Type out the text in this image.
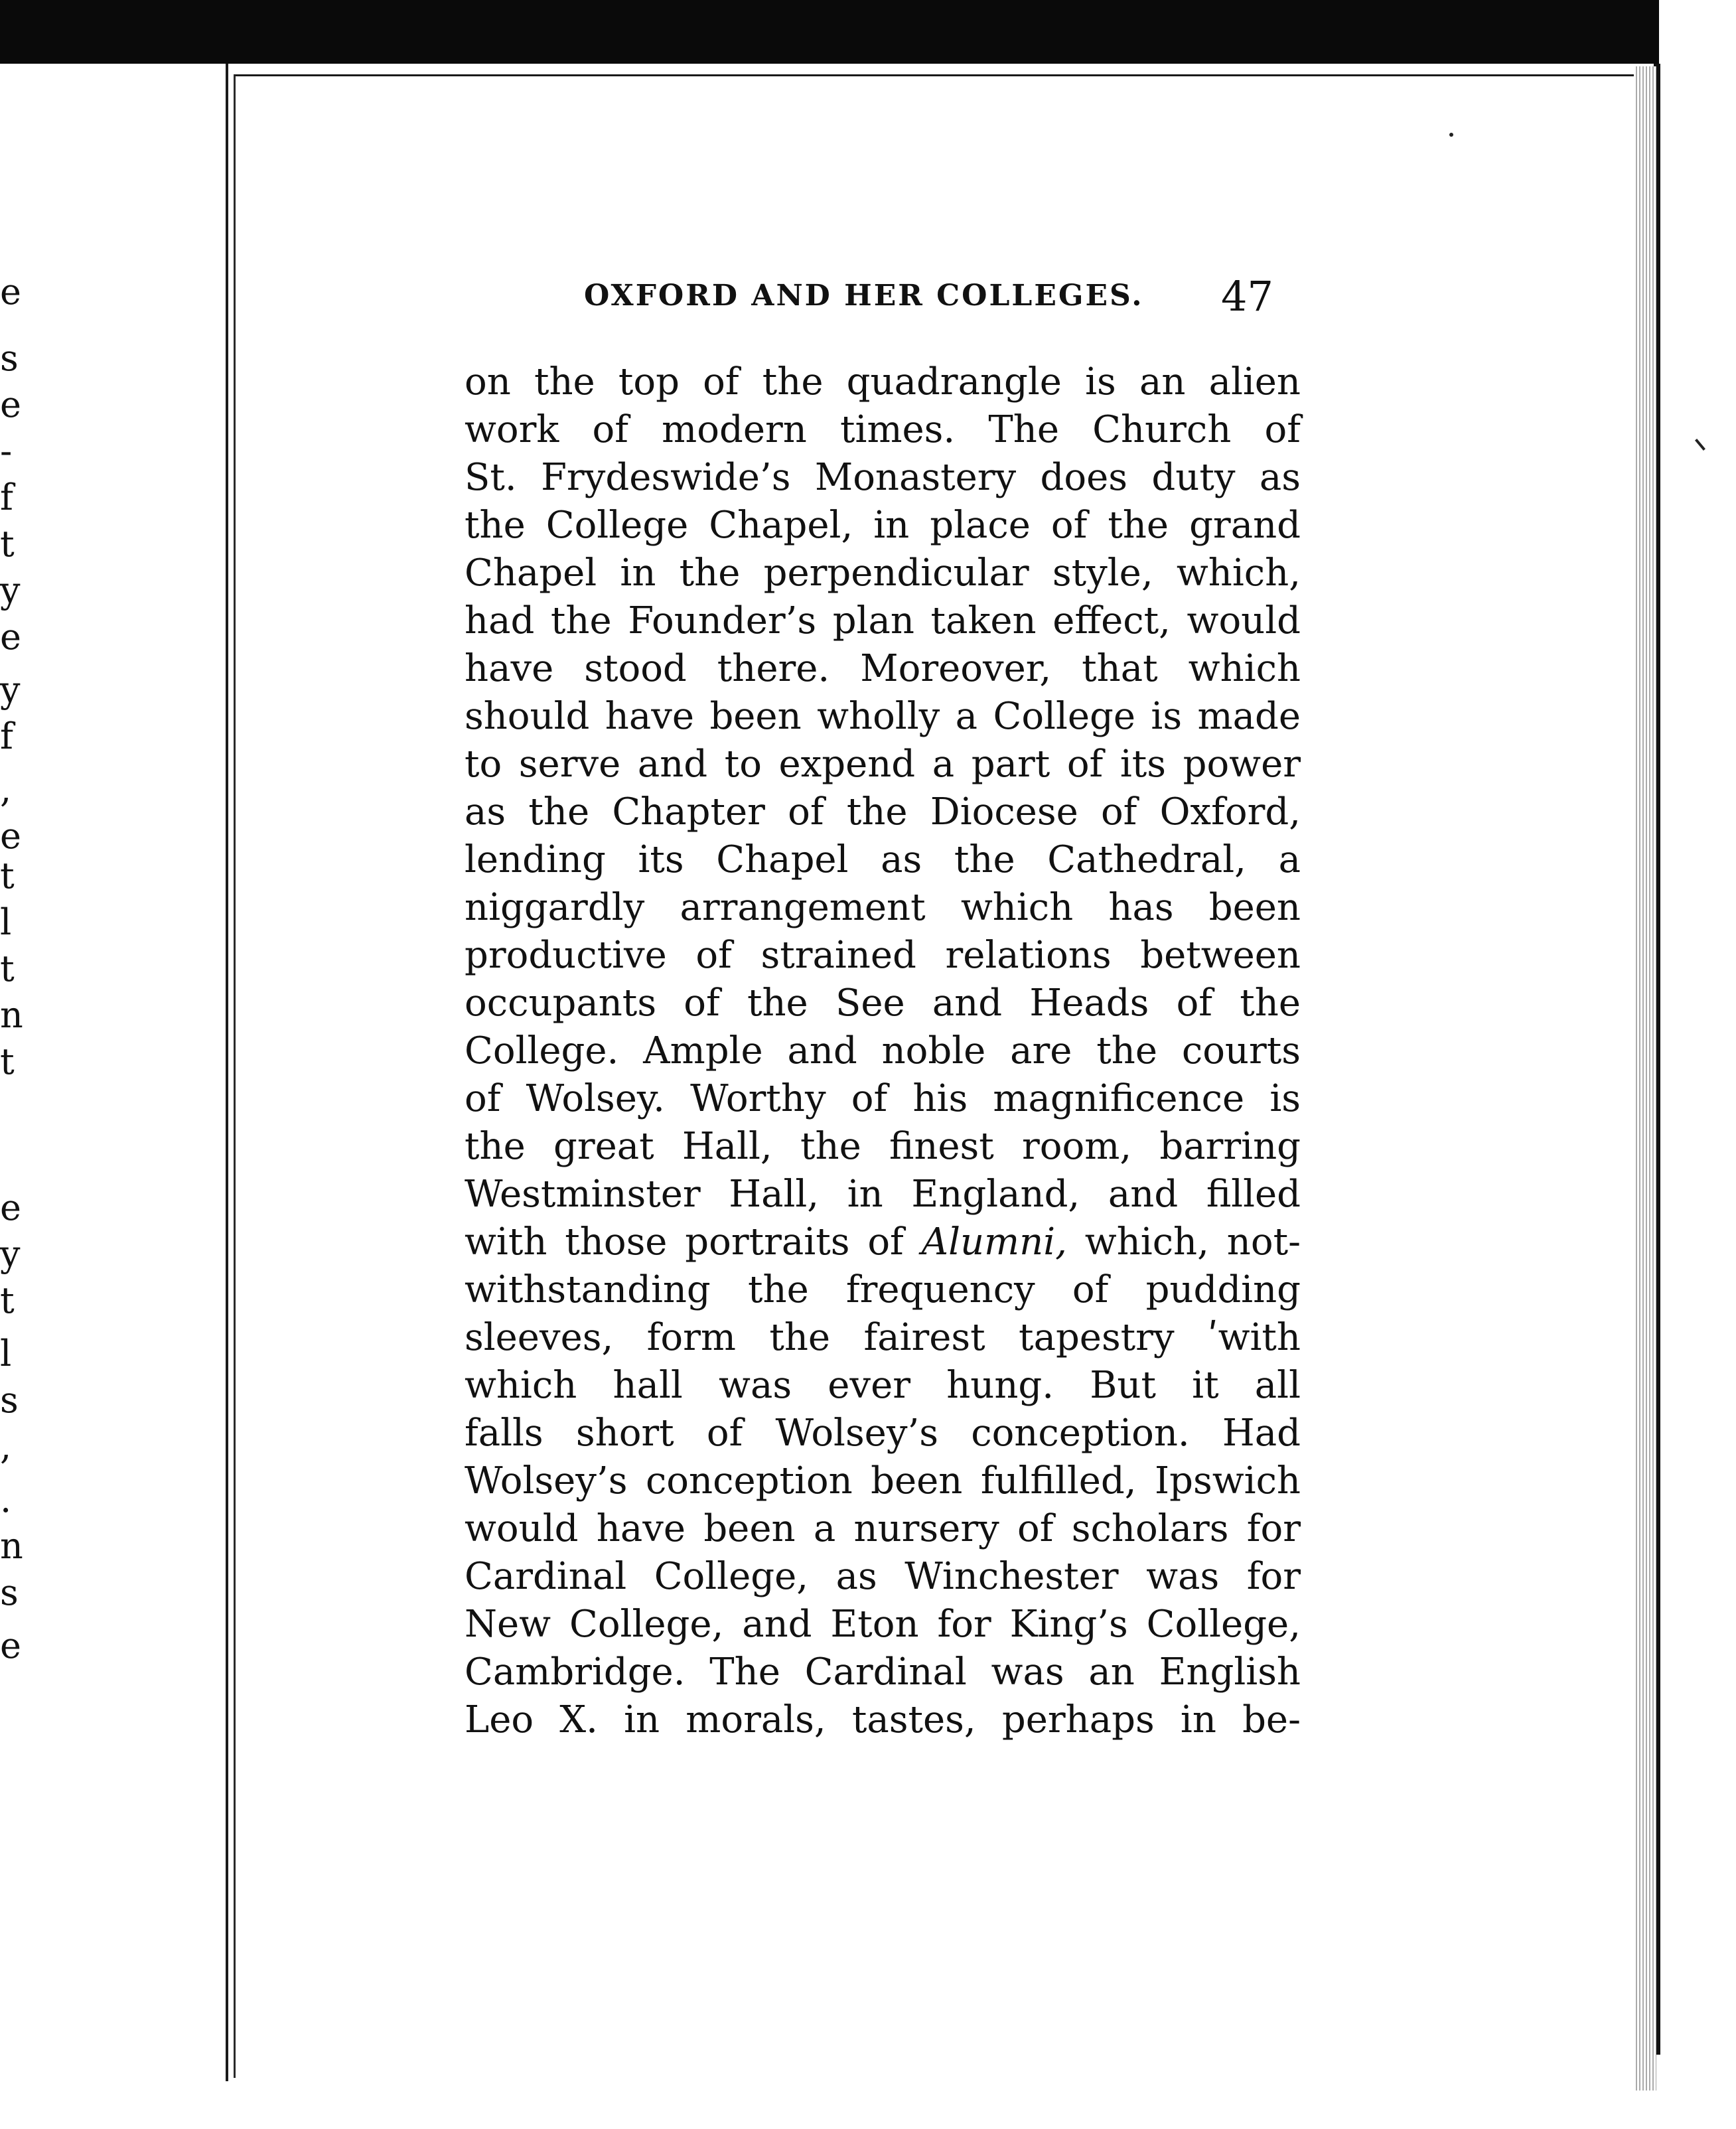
e
s
e
-
f
t
y
e
y
f
,
e
t
l
t
n
t
e
y
t
l
s
,
.
n
s
e
OXFORD AND HER COLLEGES. 47
on the top of the quadrangle is an alien
work of modern times. The Church of
St. Frydeswide’s Monastery does duty as
the College Chapel, in place of the grand
Chapel in the perpendicular style, which,
had the Founder’s plan taken effect, would
have stood there. Moreover, that which
should have been wholly a College is made
to serve and to expend a part of its power
as the Chapter of the Diocese of Oxford,
lending its Chapel as the Cathedral, a
niggardly arrangement which has been
productive of strained relations between
occupants of the See and Heads of the
College. Ample and noble are the courts
of Wolsey. Worthy of his magnificence is
the great Hall, the finest room, barring
Westminster Hall, in England, and filled
with those portraits of Alumni, which, not-
withstanding the frequency of pudding
sleeves, form the fairest tapestry ʹwith
which hall was ever hung. But it all
falls short of Wolsey’s conception. Had
Wolsey’s conception been fulfilled, Ipswich
would have been a nursery of scholars for
Cardinal College, as Winchester was for
New College, and Eton for King’s College,
Cambridge. The Cardinal was an English
Leo X. in morals, tastes, perhaps in be-
